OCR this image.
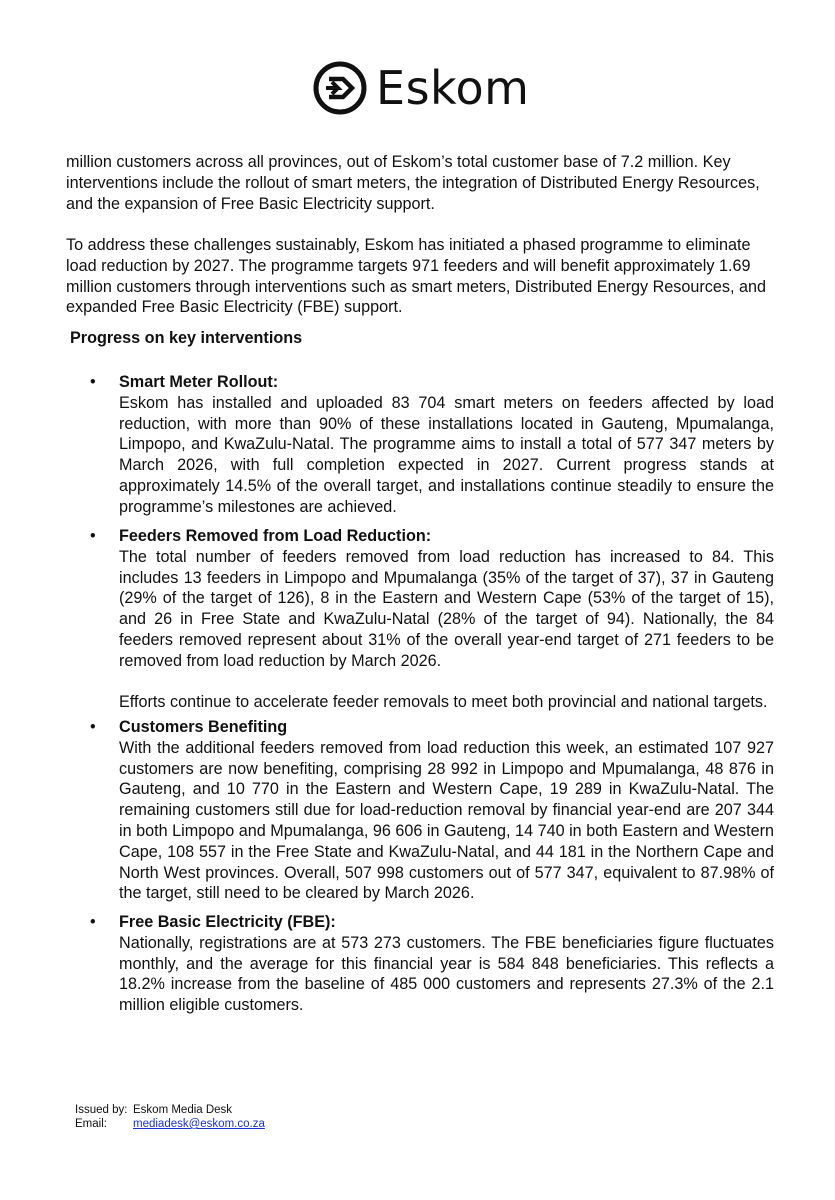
Eskom

million customers across all provinces, out of Eskom’s total customer base of 7.2 million. Key interventions include the rollout of smart meters, the integration of Distributed Energy Resources, and the expansion of Free Basic Electricity support.

To address these challenges sustainably, Eskom has initiated a phased programme to eliminate load reduction by 2027. The programme targets 971 feeders and will benefit approximately 1.69 million customers through interventions such as smart meters, Distributed Energy Resources, and expanded Free Basic Electricity (FBE) support.

Progress on key interventions
• Smart Meter Rollout:

Eskom has installed and uploaded 83 704 smart meters on feeders affected by load reduction, with more than 90% of these installations located in Gauteng, Mpumalanga, Limpopo, and KwaZulu-Natal. The programme aims to install a total of 577 347 meters by March 2026, with full completion expected in 2027. Current progress stands at approximately 14.5% of the overall target, and installations continue steadily to ensure the programme’s milestones are achieved.

• Feeders Removed from Load Reduction:

The total number of feeders removed from load reduction has increased to 84. This includes 13 feeders in Limpopo and Mpumalanga (35% of the target of 37), 37 in Gauteng (29% of the target of 126), 8 in the Eastern and Western Cape (53% of the target of 15), and 26 in Free State and KwaZulu-Natal (28% of the target of 94). Nationally, the 84 feeders removed represent about 31% of the overall year-end target of 271 feeders to be removed from load reduction by March 2026.

Efforts continue to accelerate feeder removals to meet both provincial and national targets.

• Customers Benefiting

With the additional feeders removed from load reduction this week, an estimated 107 927 customers are now benefiting, comprising 28 992 in Limpopo and Mpumalanga, 48 876 in Gauteng, and 10 770 in the Eastern and Western Cape, 19 289 in KwaZulu-Natal. The remaining customers still due for load-reduction removal by financial year-end are 207 344 in both Limpopo and Mpumalanga, 96 606 in Gauteng, 14 740 in both Eastern and Western Cape, 108 557 in the Free State and KwaZulu-Natal, and 44 181 in the Northern Cape and North West provinces. Overall, 507 998 customers out of 577 347, equivalent to 87.98% of the target, still need to be cleared by March 2026.

• Free Basic Electricity (FBE):

Nationally, registrations are at 573 273 customers. The FBE beneficiaries figure fluctuates monthly, and the average for this financial year is 584 848 beneficiaries. This reflects a 18.2% increase from the baseline of 485 000 customers and represents 27.3% of the 2.1 million eligible customers.

Issued by: Eskom Media Desk
Email:	mediadesk@eskom.co.za
